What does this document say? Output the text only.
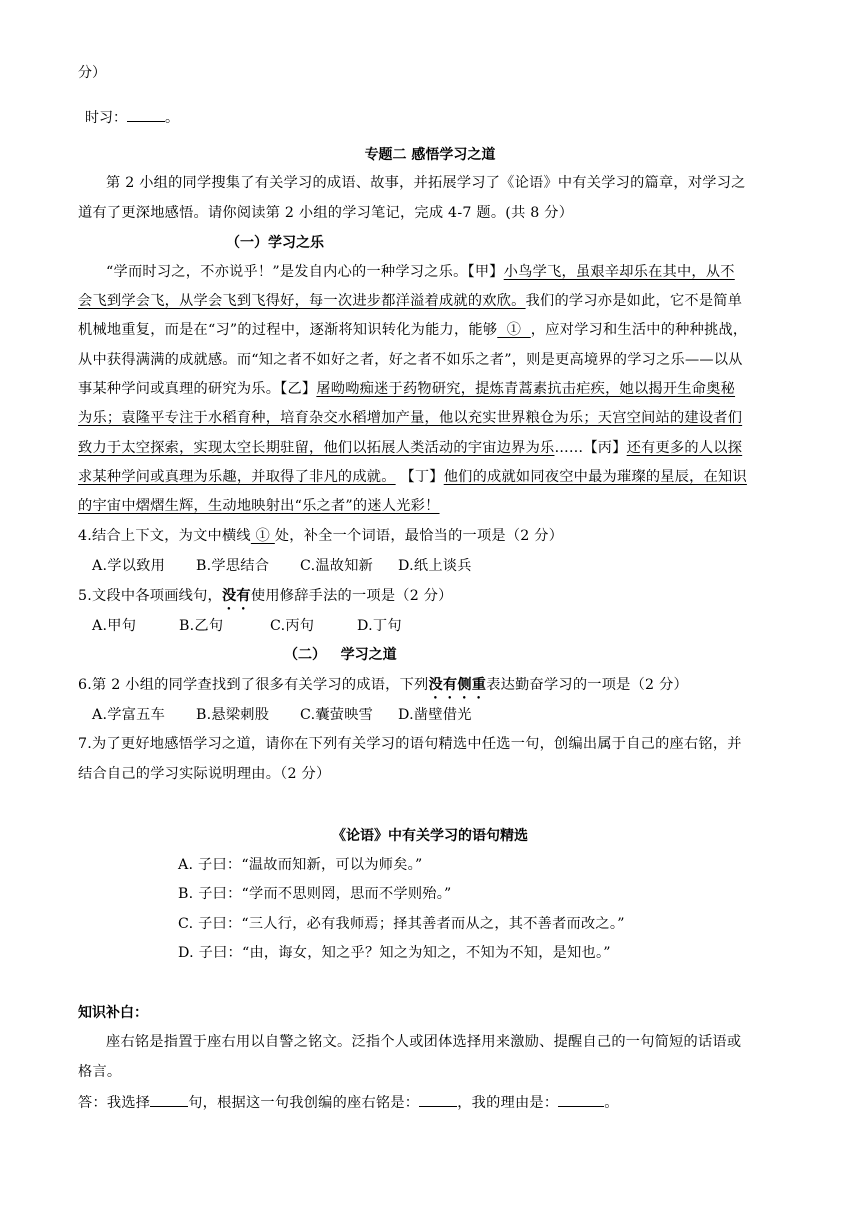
分）
时习：	。
专题二 感悟学习之道
第 2 小组的同学搜集了有关学习的成语、故事，并拓展学习了《论语》中有关学习的篇章，对学习之
道有了更深地感悟。请你阅读第 2 小组的学习笔记，完成 4-7 题。(共 8 分）
（一）学习之乐
“学而时习之，不亦说乎！”是发自内心的一种学习之乐。【甲】小鸟学飞，虽艰辛却乐在其中，从不
会飞到学会飞，从学会飞到飞得好，每一次进步都洋溢着成就的欢欣。我们的学习亦是如此，它不是简单
机械地重复，而是在“习”的过程中，逐渐将知识转化为能力，能够  ①  ，应对学习和生活中的种种挑战，
从中获得满满的成就感。而“知之者不如好之者，好之者不如乐之者”，则是更高境界的学习之乐——以从
事某种学问或真理的研究为乐。【乙】屠呦呦痴迷于药物研究，提炼青蒿素抗击疟疾，她以揭开生命奥秘
为乐；袁隆平专注于水稻育种，培育杂交水稻增加产量，他以充实世界粮仓为乐；天宫空间站的建设者们
致力于太空探索，实现太空长期驻留，他们以拓展人类活动的宇宙边界为乐……【丙】还有更多的人以探
求某种学问或真理为乐趣，并取得了非凡的成就。 【丁】他们的成就如同夜空中最为璀璨的星辰，在知识
的宇宙中熠熠生辉，生动地映射出“乐之者”的迷人光彩！
4.结合上下文，为文中横线 ① 处，补全一个词语，最恰当的一项是（2 分）
A.学以致用 B.学思结合 C.温故知新 D.纸上谈兵
5.文段中各项画线句，没有使用修辞手法的一项是（2 分）
A.甲句	B.乙句	C.丙句	D.丁句
（二）   学习之道
6.第 2 小组的同学查找到了很多有关学习的成语，下列没有侧重表达勤奋学习的一项是（2 分）
A.学富五车 B.悬梁刺股 C.囊萤映雪 D.凿壁借光
7.为了更好地感悟学习之道，请你在下列有关学习的语句精选中任选一句，创编出属于自己的座右铭，并
结合自己的学习实际说明理由。（2 分）
《论语》中有关学习的语句精选
A. 子曰：“温故而知新，可以为师矣。”
B. 子曰：“学而不思则罔，思而不学则殆。”
C. 子曰：“三人行，必有我师焉；择其善者而从之，其不善者而改之。”
D. 子曰：“由，诲女，知之乎？知之为知之，不知为不知，是知也。”
知识补白：
座右铭是指置于座右用以自警之铭文。泛指个人或团体选择用来激励、提醒自己的一句简短的话语或
格言。
答：我选择	句，根据这一句我创编的座右铭是：	，我的理由是：	。
